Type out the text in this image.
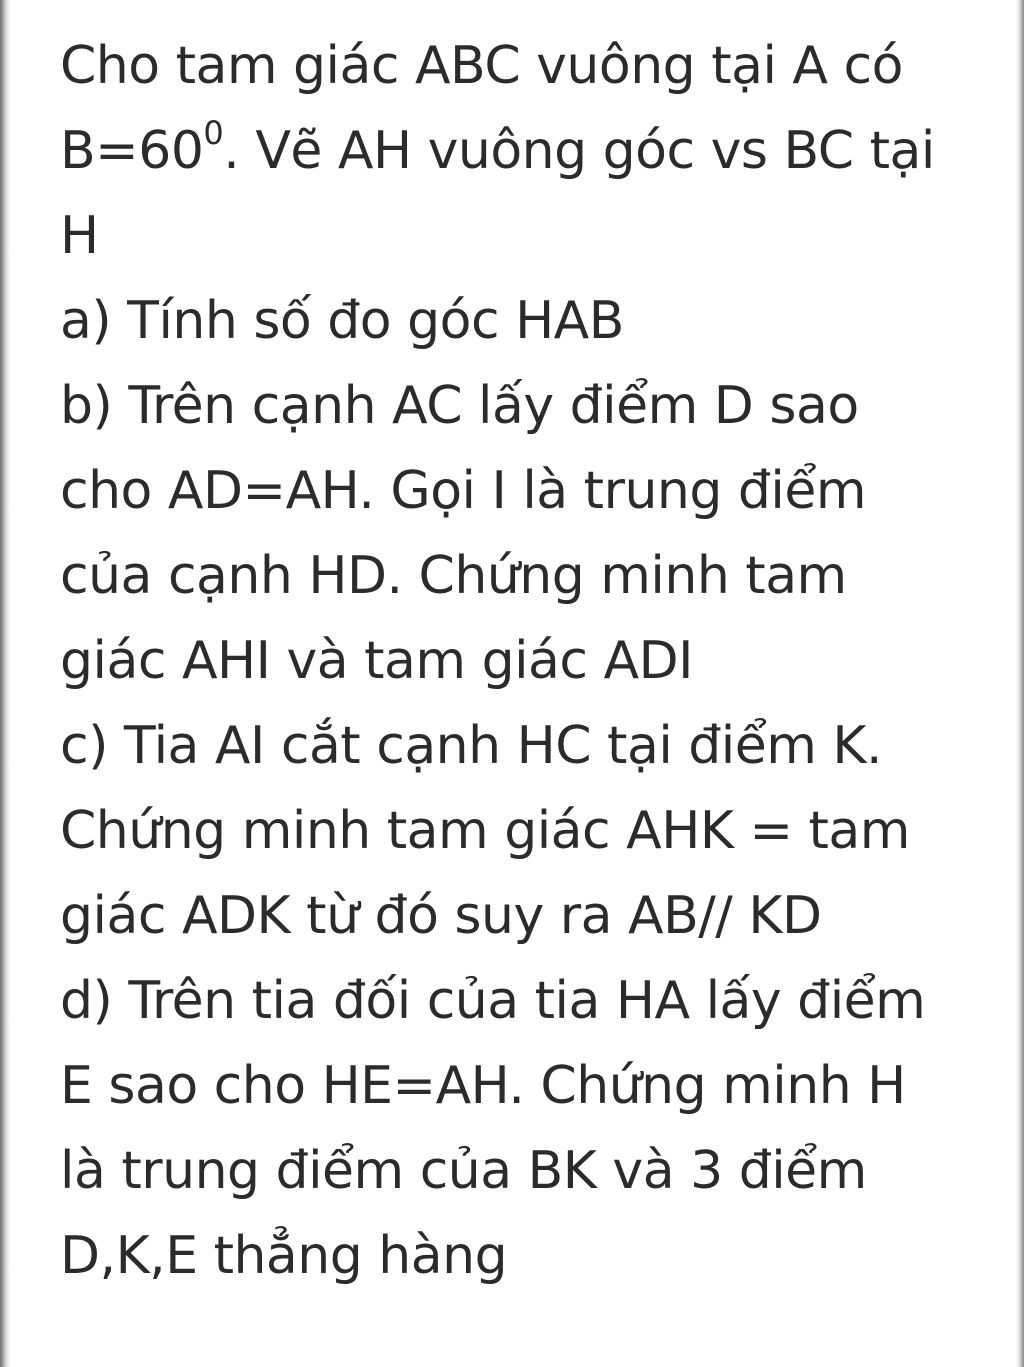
Cho tam giác ABC vuông tại A có
$B=60^0$. Vẽ AH vuông góc vs BC tại
H
a) Tính số đo góc HAB
b) Trên cạnh AC lấy điểm D sao
cho AD=AH. Gọi I là trung điểm
của cạnh HD. Chứng minh tam
giác AHI và tam giác ADI
c) Tia AI cắt cạnh HC tại điểm K.
Chứng minh tam giác AHK = tam
giác ADK từ đó suy ra AB// KD
d) Trên tia đối của tia HA lấy điểm
E sao cho HE=AH. Chứng minh H
là trung điểm của BK và 3 điểm
D,K,E thẳng hàng
